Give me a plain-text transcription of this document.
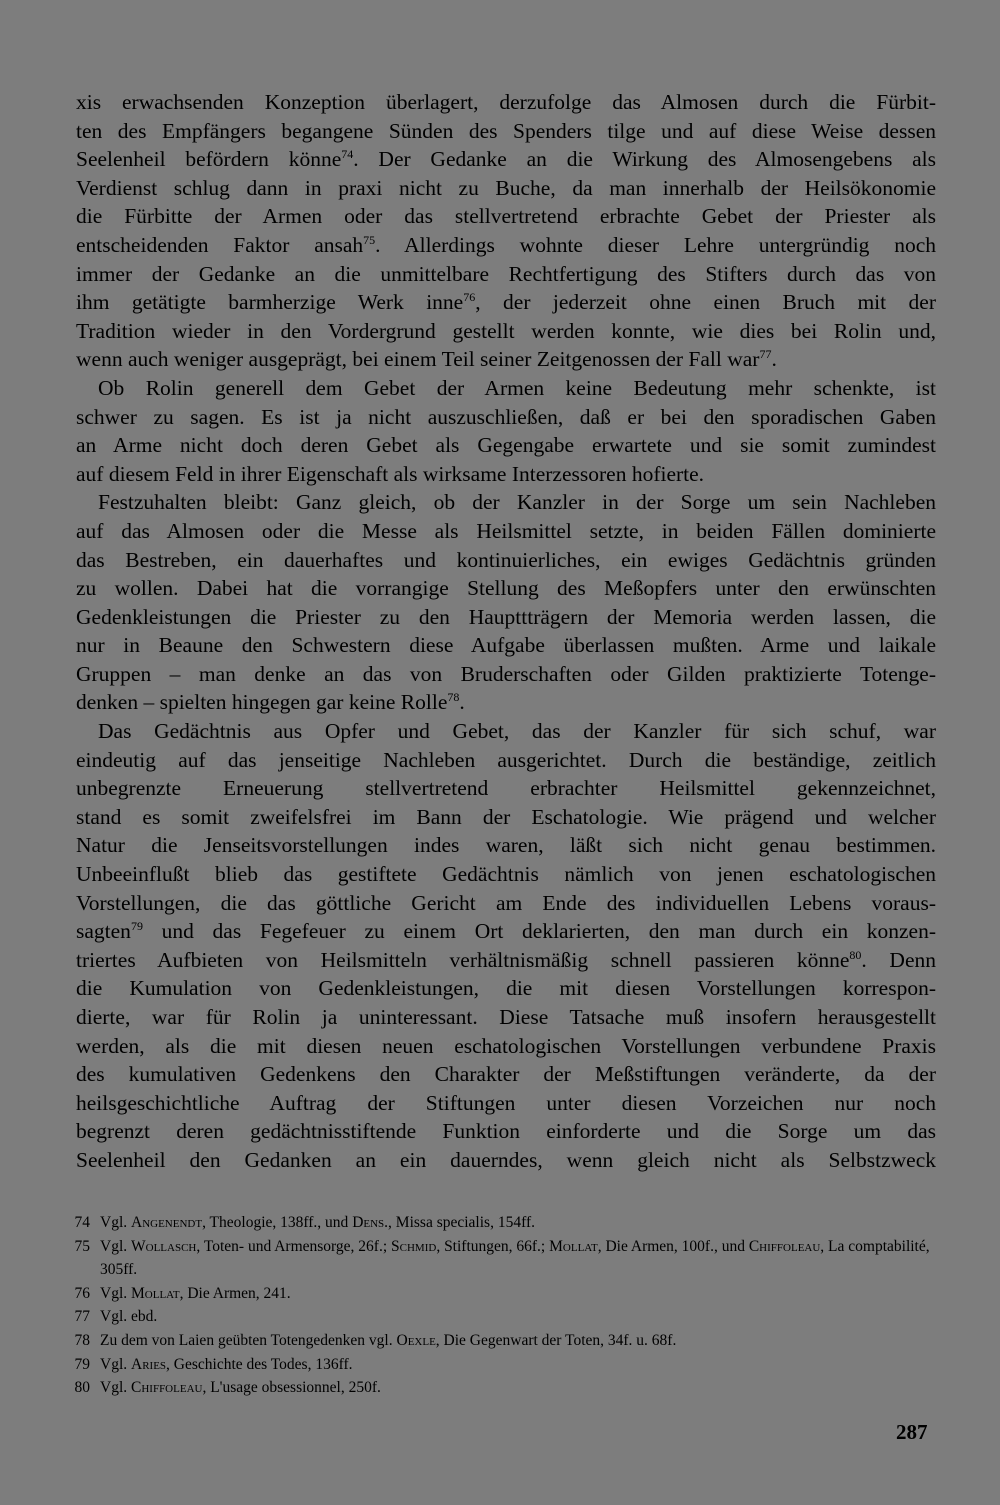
xis erwachsenden Konzeption überlagert, derzufolge das Almosen durch die Fürbit-
ten des Empfängers begangene Sünden des Spenders tilge und auf diese Weise dessen
Seelenheil befördern könne$^{74}$. Der Gedanke an die Wirkung des Almosengebens als
Verdienst schlug dann in praxi nicht zu Buche, da man innerhalb der Heilsökonomie
die Fürbitte der Armen oder das stellvertretend erbrachte Gebet der Priester als
entscheidenden Faktor ansah$^{75}$. Allerdings wohnte dieser Lehre untergründig noch
immer der Gedanke an die unmittelbare Rechtfertigung des Stifters durch das von
ihm getätigte barmherzige Werk inne$^{76}$, der jederzeit ohne einen Bruch mit der
Tradition wieder in den Vordergrund gestellt werden konnte, wie dies bei Rolin und,
wenn auch weniger ausgeprägt, bei einem Teil seiner Zeitgenossen der Fall war$^{77}$.
Ob Rolin generell dem Gebet der Armen keine Bedeutung mehr schenkte, ist
schwer zu sagen. Es ist ja nicht auszuschließen, daß er bei den sporadischen Gaben
an Arme nicht doch deren Gebet als Gegengabe erwartete und sie somit zumindest
auf diesem Feld in ihrer Eigenschaft als wirksame Interzessoren hofierte.
Festzuhalten bleibt: Ganz gleich, ob der Kanzler in der Sorge um sein Nachleben
auf das Almosen oder die Messe als Heilsmittel setzte, in beiden Fällen dominierte
das Bestreben, ein dauerhaftes und kontinuierliches, ein ewiges Gedächtnis gründen
zu wollen. Dabei hat die vorrangige Stellung des Meßopfers unter den erwünschten
Gedenkleistungen die Priester zu den Haupttträgern der Memoria werden lassen, die
nur in Beaune den Schwestern diese Aufgabe überlassen mußten. Arme und laikale
Gruppen – man denke an das von Bruderschaften oder Gilden praktizierte Totenge-
denken – spielten hingegen gar keine Rolle$^{78}$.
Das Gedächtnis aus Opfer und Gebet, das der Kanzler für sich schuf, war
eindeutig auf das jenseitige Nachleben ausgerichtet. Durch die beständige, zeitlich
unbegrenzte Erneuerung stellvertretend erbrachter Heilsmittel gekennzeichnet,
stand es somit zweifelsfrei im Bann der Eschatologie. Wie prägend und welcher
Natur die Jenseitsvorstellungen indes waren, läßt sich nicht genau bestimmen.
Unbeeinflußt blieb das gestiftete Gedächtnis nämlich von jenen eschatologischen
Vorstellungen, die das göttliche Gericht am Ende des individuellen Lebens voraus-
sagten$^{79}$ und das Fegefeuer zu einem Ort deklarierten, den man durch ein konzen-
triertes Aufbieten von Heilsmitteln verhältnismäßig schnell passieren könne$^{80}$. Denn
die Kumulation von Gedenkleistungen, die mit diesen Vorstellungen korrespon-
dierte, war für Rolin ja uninteressant. Diese Tatsache muß insofern herausgestellt
werden, als die mit diesen neuen eschatologischen Vorstellungen verbundene Praxis
des kumulativen Gedenkens den Charakter der Meßstiftungen veränderte, da der
heilsgeschichtliche Auftrag der Stiftungen unter diesen Vorzeichen nur noch
begrenzt deren gedächtnisstiftende Funktion einforderte und die Sorge um das
Seelenheil den Gedanken an ein dauerndes, wenn gleich nicht als Selbstzweck
74 Vgl. Angenendt, Theologie, 138ff., und Dens., Missa specialis, 154ff.
75 Vgl. Wollasch, Toten- und Armensorge, 26f.; Schmid, Stiftungen, 66f.; Mollat, Die Armen, 100f., und Chiffoleau, La comptabilité, 305ff.
76 Vgl. Mollat, Die Armen, 241.
77 Vgl. ebd.
78 Zu dem von Laien geübten Totengedenken vgl. Oexle, Die Gegenwart der Toten, 34f. u. 68f.
79 Vgl. Aries, Geschichte des Todes, 136ff.
80 Vgl. Chiffoleau, L'usage obsessionnel, 250f.
287
